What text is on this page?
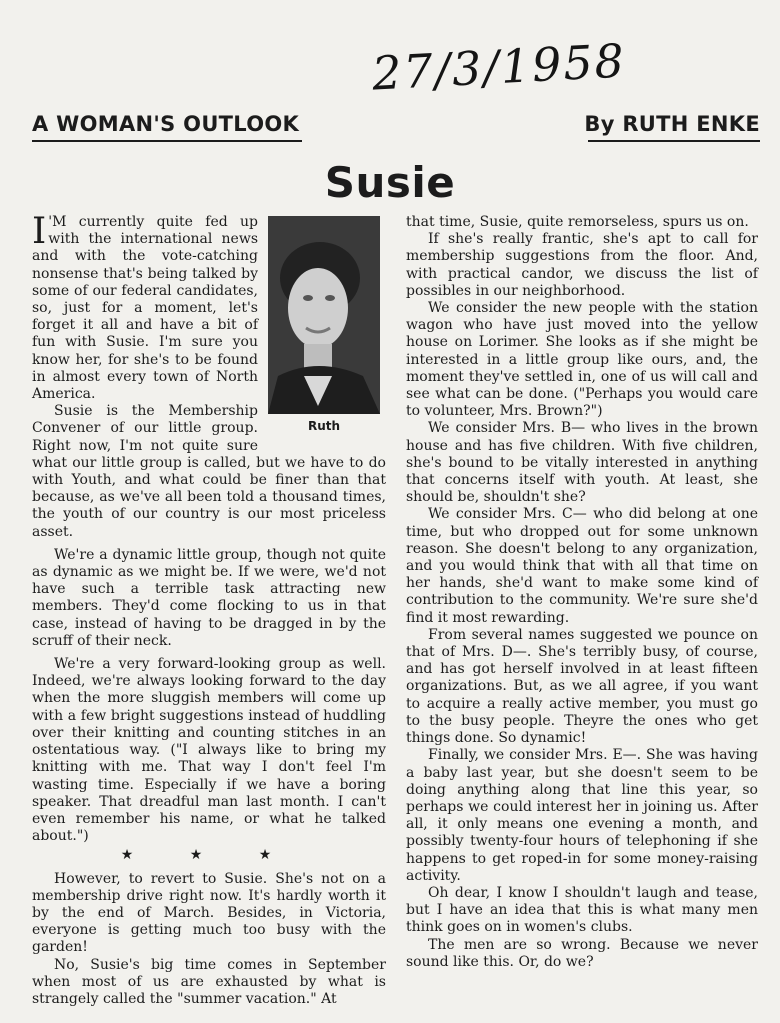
27/3/1958
A WOMAN'S OUTLOOK	By RUTH ENKE
Susie

I
Ruth
'M currently quite fed up with the international news and with the vote-catching nonsense that's being talked by some of our federal candidates, so, just for a moment, let's forget it all and have a bit of fun with Susie. I'm sure you know her, for she's to be found in almost every town of North America.

Susie is the Membership Convener of our little group. Right now, I'm not quite sure what our little group is called, but we have to do with Youth, and what could be finer than that because, as we've all been told a thousand times, the youth of our country is our most priceless asset.

We're a dynamic little group, though not quite as dynamic as we might be. If we were, we'd not have such a terrible task attracting new members. They'd come flocking to us in that case, instead of having to be dragged in by the scruff of their neck.

We're a very forward-looking group as well. Indeed, we're always looking forward to the day when the more sluggish members will come up with a few bright suggestions instead of huddling over their knitting and counting stitches in an ostentatious way. ("I always like to bring my knitting with me. That way I don't feel I'm wasting time. Especially if we have a boring speaker. That dreadful man last month. I can't even remember his name, or what he talked about.")

★ ★ ★

However, to revert to Susie. She's not on a membership drive right now. It's hardly worth it by the end of March. Besides, in Victoria, everyone is getting much too busy with the garden!

No, Susie's big time comes in September when most of us are exhausted by what is strangely called the "summer vacation." At

that time, Susie, quite remorseless, spurs us on.

If she's really frantic, she's apt to call for membership suggestions from the floor. And, with practical candor, we discuss the list of possibles in our neighborhood.

We consider the new people with the station wagon who have just moved into the yellow house on Lorimer. She looks as if she might be interested in a little group like ours, and, the moment they've settled in, one of us will call and see what can be done. ("Perhaps you would care to volunteer, Mrs. Brown?")

We consider Mrs. B— who lives in the brown house and has five children. With five children, she's bound to be vitally interested in anything that concerns itself with youth. At least, she should be, shouldn't she?

We consider Mrs. C— who did belong at one time, but who dropped out for some unknown reason. She doesn't belong to any organization, and you would think that with all that time on her hands, she'd want to make some kind of contribution to the community. We're sure she'd find it most rewarding.

From several names suggested we pounce on that of Mrs. D—. She's terribly busy, of course, and has got herself involved in at least fifteen organizations. But, as we all agree, if you want to acquire a really active member, you must go to the busy people. Theyre the ones who get things done. So dynamic!

Finally, we consider Mrs. E—. She was having a baby last year, but she doesn't seem to be doing anything along that line this year, so perhaps we could interest her in joining us. After all, it only means one evening a month, and possibly twenty-four hours of telephoning if she happens to get roped-in for some money-raising activity.

Oh dear, I know I shouldn't laugh and tease, but I have an idea that this is what many men think goes on in women's clubs.

The men are so wrong. Because we never sound like this. Or, do we?
